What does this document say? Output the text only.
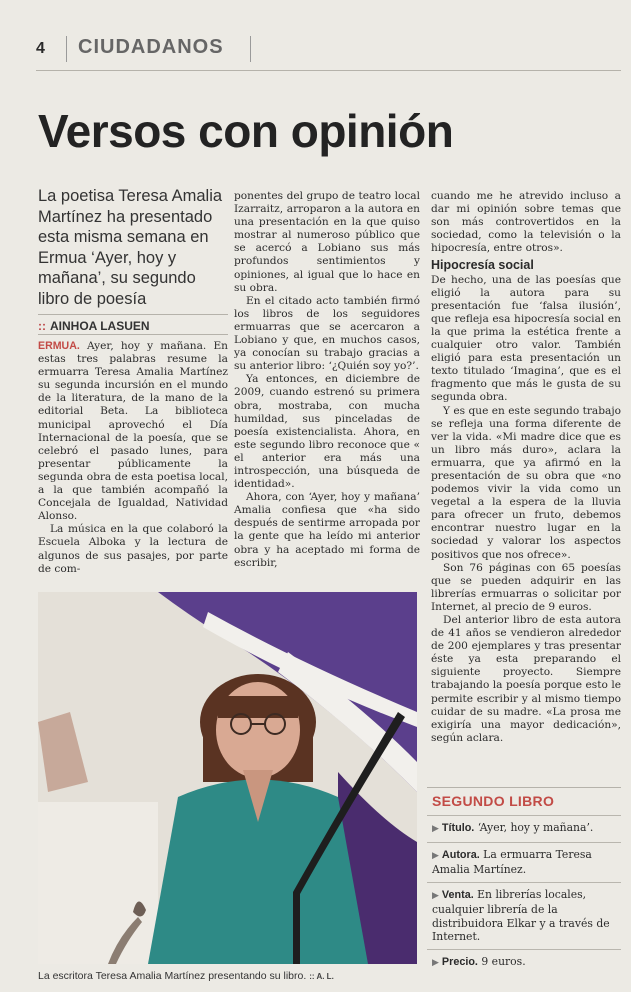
4 CIUDADANOS
Versos con opinión
La poetisa Teresa Amalia Martínez ha presentado esta misma semana en Ermua ‘Ayer, hoy y mañana’, su segundo libro de poesía
:: AINHOA LASUEN

ERMUA. Ayer, hoy y mañana. En estas tres palabras resume la ermuarra Teresa Amalia Martínez su segunda incursión en el mundo de la literatura, de la mano de la editorial Beta. La biblioteca municipal aprovechó el Día Internacional de la poesía, que se celebró el pasado lunes, para presentar públicamente la segunda obra de esta poetisa local, a la que también acompañó la Concejala de Igualdad, Natividad Alonso.

La música en la que colaboró la Escuela Alboka y la lectura de algunos de sus pasajes, por parte de com-

ponentes del grupo de teatro local Izarraitz, arroparon a la autora en una presentación en la que quiso mostrar al numeroso público que se acercó a Lobiano sus más profundos sentimientos y opiniones, al igual que lo hace en su obra.

En el citado acto también firmó los libros de los seguidores ermuarras que se acercaron a Lobiano y que, en muchos casos, ya conocían su trabajo gracias a su anterior libro: ‘¿Quién soy yo?’.

Ya entonces, en diciembre de 2009, cuando estrenó su primera obra, mostraba, con mucha humildad, sus pinceladas de poesía existencialista. Ahora, en este segundo libro reconoce que « el anterior era más una introspección, una búsqueda de identidad».

Ahora, con ‘Ayer, hoy y mañana’ Amalia confiesa que «ha sido después de sentirme arropada por la gente que ha leído mi anterior obra y ha aceptado mi forma de escribir,

cuando me he atrevido incluso a dar mi opinión sobre temas que son más controvertidos en la sociedad, como la televisión o la hipocresía, entre otros».

Hipocresía social

De hecho, una de las poesías que eligió la autora para su presentación fue ‘falsa ilusión’, que refleja esa hipocresía social en la que prima la estética frente a cualquier otro valor. También eligió para esta presentación un texto titulado ‘Imagina’, que es el fragmento que más le gusta de su segunda obra.

Y es que en este segundo trabajo se refleja una forma diferente de ver la vida. «Mi madre dice que es un libro más duro», aclara la ermuarra, que ya afirmó en la presentación de su obra que «no podemos vivir la vida como un vegetal a la espera de la lluvia para ofrecer un fruto, debemos encontrar nuestro lugar en la sociedad y valorar los aspectos positivos que nos ofrece».

Son 76 páginas con 65 poesías que se pueden adquirir en las librerías ermuarras o solicitar por Internet, al precio de 9 euros.

Del anterior libro de esta autora de 41 años se vendieron alrededor de 200 ejemplares y tras presentar éste ya esta preparando el siguiente proyecto. Siempre trabajando la poesía porque esto le permite escribir y al mismo tiempo cuidar de su madre. «La prosa me exigiría una mayor dedicación», según aclara.

La escritora Teresa Amalia Martínez presentando su libro. :: A. L.
SEGUNDO LIBRO
▶ Título. ‘Ayer, hoy y mañana’.
▶ Autora. La ermuarra Teresa Amalia Martínez.
▶ Venta. En librerías locales, cualquier librería de la distribuidora Elkar y a través de Internet.
▶ Precio. 9 euros.
